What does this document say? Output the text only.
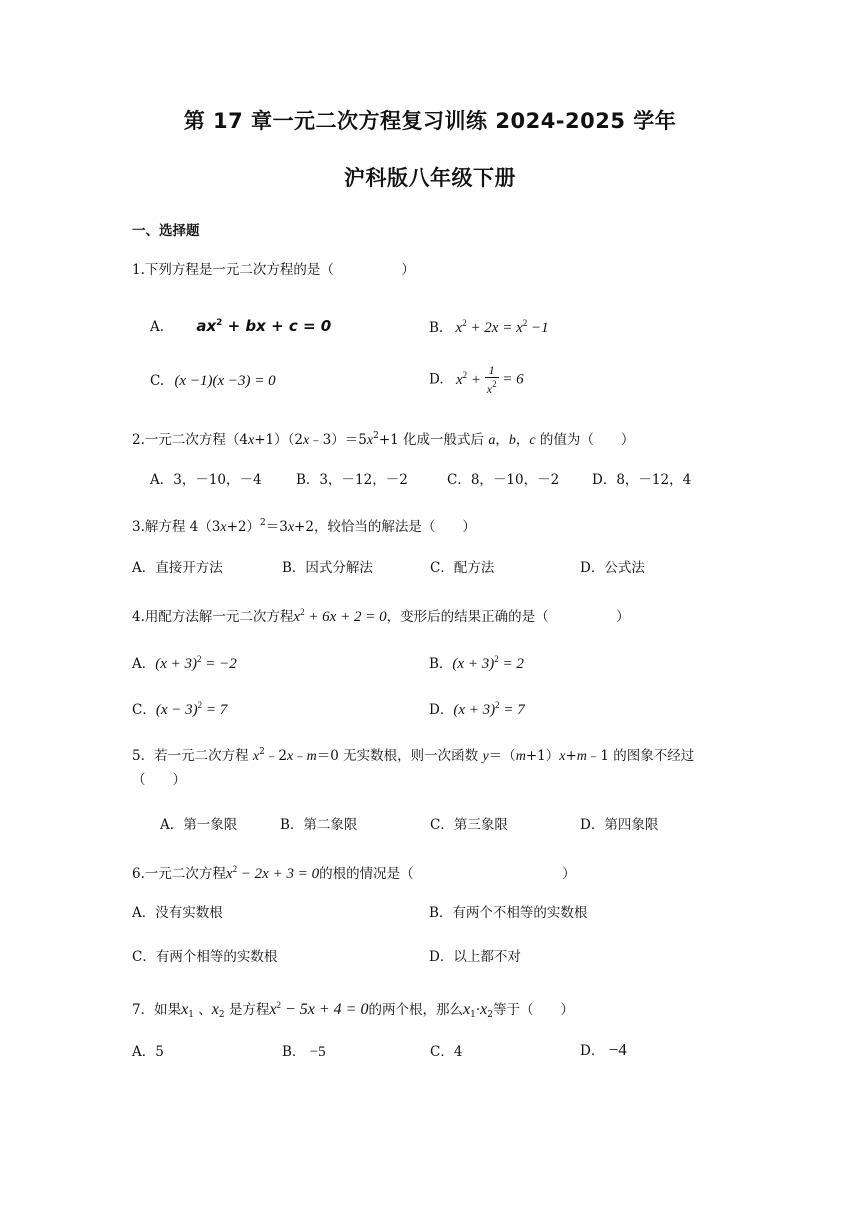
第 17 章一元二次方程复习训练 2024-2025 学年
沪科版八年级下册
一、选择题
1.下列方程是一元二次方程的是（　　　　　）
A. $ax^2$ + bx + c = 0	B. $x^2 + 2x = x^2 -1$
C. (x −1)(x −3) = 0	D. $x^2 + \frac{1}{x^2} = 6$
2.一元二次方程$(4x+1)(2x﹣3)=5x^2+1$ 化成一般式后 a，b，c 的值为（　　）
A．3，－10，－4	B．3，－12，－2	C．8，－10，－2 D．8，－12，4
3.解方程 $4(3x+2)^2=3x+2$，较恰当的解法是（　　）
A．直接开方法	B．因式分解法	C．配方法	D．公式法
4.用配方法解一元二次方程$x^2 + 6x + 2 = 0$，变形后的结果正确的是（　　　　　）
A．$(x + 3)^2 = -2$	B．$(x + 3)^2 = 2$
C．$(x - 3)^2 = 7$	D．$(x + 3)^2 = 7$
5．若一元二次方程 $x^2﹣2x﹣m=0$ 无实数根，则一次函数 y＝（m+1）x+m﹣1 的图象不经过
（　　）
A．第一象限	B．第二象限	C．第三象限	D．第四象限
6.一元二次方程$x^2 - 2x + 3 = 0$的根的情况是（　　　　　　　　　　　）
A．没有实数根	B．有两个不相等的实数根
C．有两个相等的实数根	D．以上都不对
7．如果$x_1$ 、$x_2$ 是方程$x^2 - 5x + 4 = 0$的两个根，那么$x_1\cdot x_2$等于（　　）
A．5	B． −5	C．4	D． −4
